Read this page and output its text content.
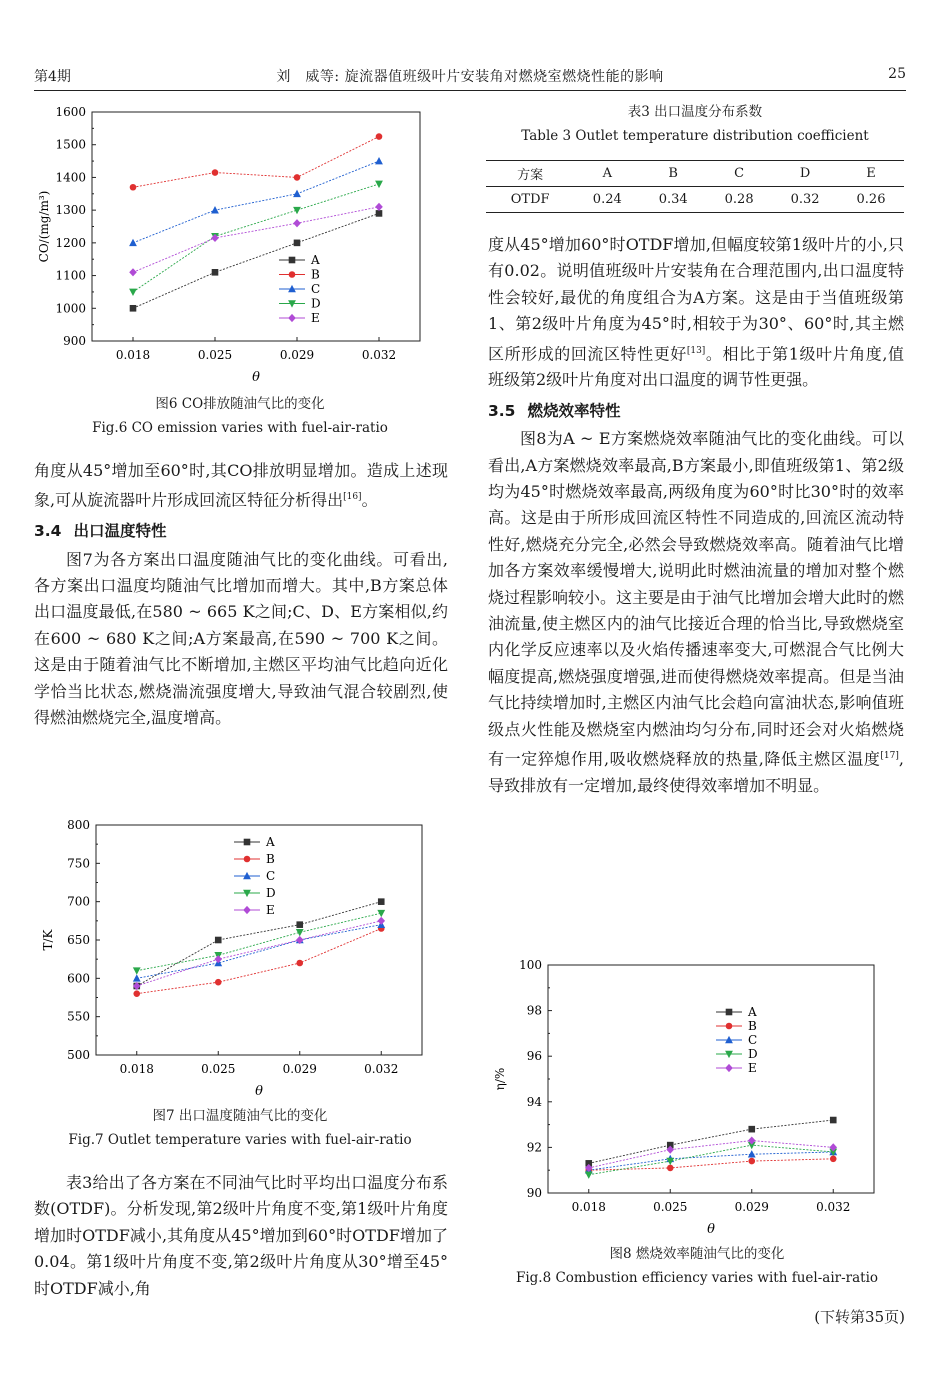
第4期	刘　威等: 旋流器值班级叶片安装角对燃烧室燃烧性能的影响	25
900
1000
1100
1200
1300
1400
1500
1600
0.018	0.025	0.029	0.032
θ
CO/(mg/m³)	A
B
C
D
E
图6 CO排放随油气比的变化
Fig.6 CO emission varies with fuel-air-ratio

角度从45°增加至60°时,其CO排放明显增加。造成上述现象,可从旋流器叶片形成回流区特征分析得出[16]。

3.4 出口温度特性

图7为各方案出口温度随油气比的变化曲线。可看出,各方案出口温度均随油气比增加而增大。其中,B方案总体出口温度最低,在580 ~ 665 K之间;C、D、E方案相似,约在600 ~ 680 K之间;A方案最高,在590 ~ 700 K之间。这是由于随着油气比不断增加,主燃区平均油气比趋向近化学恰当比状态,燃烧湍流强度增大,导致油气混合较剧烈,使得燃油燃烧完全,温度增高。

500
550
600
650
700
750
800
0.018	0.025	0.029	0.032
θ
T/K
A
B
C
D
E
图7 出口温度随油气比的变化
Fig.7 Outlet temperature varies with fuel-air-ratio

表3给出了各方案在不同油气比时平均出口温度分布系数(OTDF)。分析发现,第2级叶片角度不变,第1级叶片角度增加时OTDF减小,其角度从45°增加到60°时OTDF增加了0.04。第1级叶片角度不变,第2级叶片角度从30°增至45°时OTDF减小,角

表3 出口温度分布系数
Table 3 Outlet temperature distribution coefficient
方案	A	B	C	D	E
OTDF	0.24	0.34	0.28	0.32	0.26

度从45°增加60°时OTDF增加,但幅度较第1级叶片的小,只有0.02。说明值班级叶片安装角在合理范围内,出口温度特性会较好,最优的角度组合为A方案。这是由于当值班级第1、第2级叶片角度为45°时,相较于为30°、60°时,其主燃区所形成的回流区特性更好[13]。相比于第1级叶片角度,值班级第2级叶片角度对出口温度的调节性更强。

3.5 燃烧效率特性

图8为A ~ E方案燃烧效率随油气比的变化曲线。可以看出,A方案燃烧效率最高,B方案最小,即值班级第1、第2级均为45°时燃烧效率最高,两级角度为60°时比30°时的效率高。这是由于所形成回流区特性不同造成的,回流区流动特性好,燃烧充分完全,必然会导致燃烧效率高。随着油气比增加各方案效率缓慢增大,说明此时燃油流量的增加对整个燃烧过程影响较小。这主要是由于油气比增加会增大此时的燃油流量,使主燃区内的油气比接近合理的恰当比,导致燃烧室内化学反应速率以及火焰传播速率变大,可燃混合气比例大幅度提高,燃烧强度增强,进而使得燃烧效率提高。但是当油气比持续增加时,主燃区内油气比会趋向富油状态,影响值班级点火性能及燃烧室内燃油均匀分布,同时还会对火焰燃烧有一定猝熄作用,吸收燃烧释放的热量,降低主燃区温度[17],导致排放有一定增加,最终使得效率增加不明显。

90
92
94
96
98
100
0.018	0.025	0.029	0.032
θ
η/%
A
B
C
D
E
图8 燃烧效率随油气比的变化
Fig.8 Combustion efficiency varies with fuel-air-ratio
(下转第35页)
